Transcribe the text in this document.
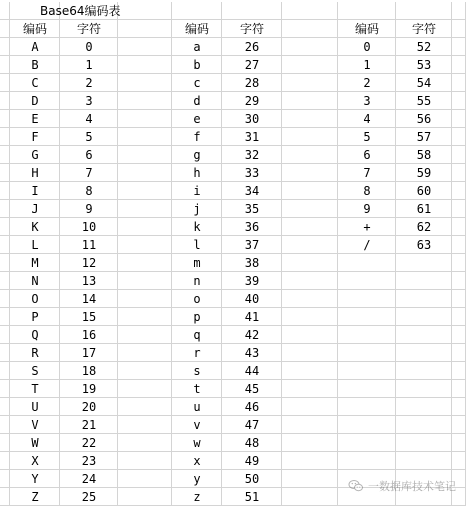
Base64编码表
编码	字符	编码	字符	编码	字符
A	0	a	26	0	52
B	1	b	27	1	53
C	2	c	28	2	54
D	3	d	29	3	55
E	4	e	30	4	56
F	5	f	31	5	57
G	6	g	32	6	58
H	7	h	33	7	59
I	8	i	34	8	60
J	9	j	35	9	61
K	10	k	36	+	62
L	11	l	37	/	63
M	12	m	38
N	13	n	39
O	14	o	40
P	15	p	41
Q	16	q	42
R	17	r	43
S	18	s	44
T	19	t	45
U	20	u	46
V	21	v	47
W	22	w	48
X	23	x	49
Y	24	y	50
Z	25	z	51
一数据库技术笔记
